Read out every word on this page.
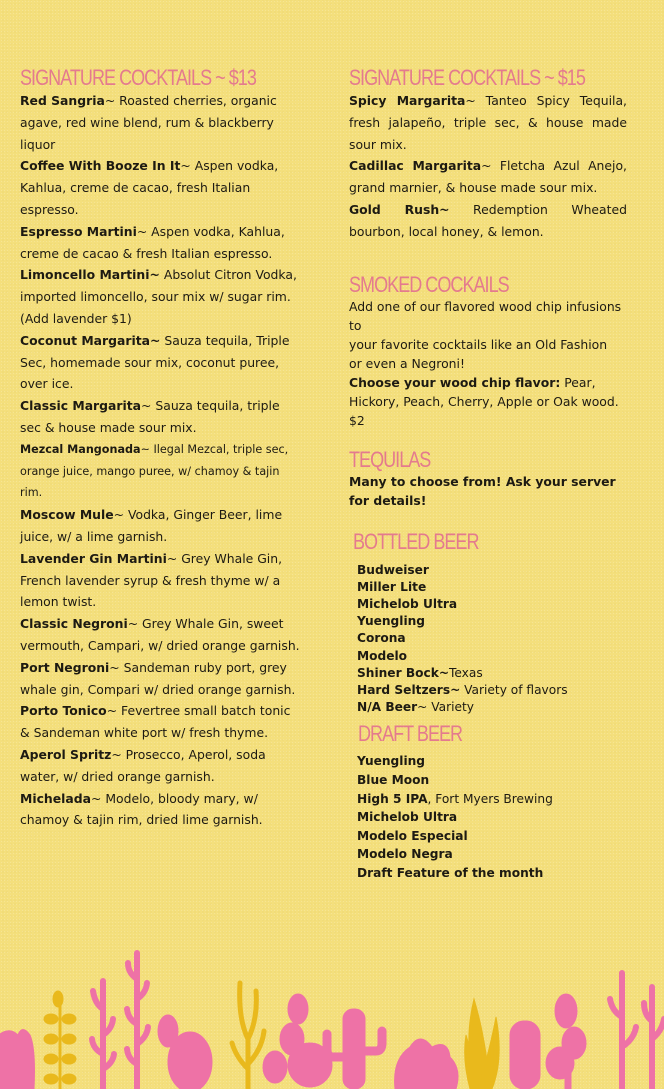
SIGNATURE COCKTAILS ~ $13

Red Sangria~ Roasted cherries, organic agave, red wine blend, rum & blackberry liquor

Coffee With Booze In It~ Aspen vodka, Kahlua, creme de cacao, fresh Italian espresso.

Espresso Martini~ Aspen vodka, Kahlua, creme de cacao & fresh Italian espresso.

Limoncello Martini~ Absolut Citron Vodka, imported limoncello, sour mix w/ sugar rim. (Add lavender $1)

Coconut Margarita~ Sauza tequila, Triple Sec, homemade sour mix, coconut puree, over ice.

Classic Margarita~ Sauza tequila, triple sec & house made sour mix.

Mezcal Mangonada~ Ilegal Mezcal, triple sec, orange juice, mango puree, w/ chamoy & tajin rim.

Moscow Mule~ Vodka, Ginger Beer, lime juice, w/ a lime garnish.

Lavender Gin Martini~ Grey Whale Gin, French lavender syrup & fresh thyme w/ a lemon twist.

Classic Negroni~ Grey Whale Gin, sweet vermouth, Campari, w/ dried orange garnish.

Port Negroni~ Sandeman ruby port, grey whale gin, Compari w/ dried orange garnish.

Porto Tonico~ Fevertree small batch tonic & Sandeman white port w/ fresh thyme.

Aperol Spritz~ Prosecco, Aperol, soda water, w/ dried orange garnish.

Michelada~ Modelo, bloody mary, w/ chamoy & tajin rim, dried lime garnish.

SIGNATURE COCKTAILS ~ $15

Spicy Margarita~ Tanteo Spicy Tequila, fresh jalapeño, triple sec, & house made sour mix.

Cadillac Margarita~ Fletcha Azul Anejo, grand marnier, & house made sour mix.

Gold Rush~ Redemption Wheated bourbon, local honey, & lemon.

SMOKED COCKAILS
Add one of our flavored wood chip infusions to
your favorite cocktails like an Old Fashion
or even a Negroni!
Choose your wood chip flavor: Pear, Hickory, Peach, Cherry, Apple or Oak wood. $2
TEQUILAS

Many to choose from! Ask your server for details!

BOTTLED BEER
Budweiser
Miller Lite
Michelob Ultra
Yuengling
Corona
Modelo
Shiner Bock~Texas
Hard Seltzers~ Variety of flavors
N/A Beer~ Variety
DRAFT BEER
Yuengling
Blue Moon
High 5 IPA, Fort Myers Brewing
Michelob Ultra
Modelo Especial
Modelo Negra
Draft Feature of the month
